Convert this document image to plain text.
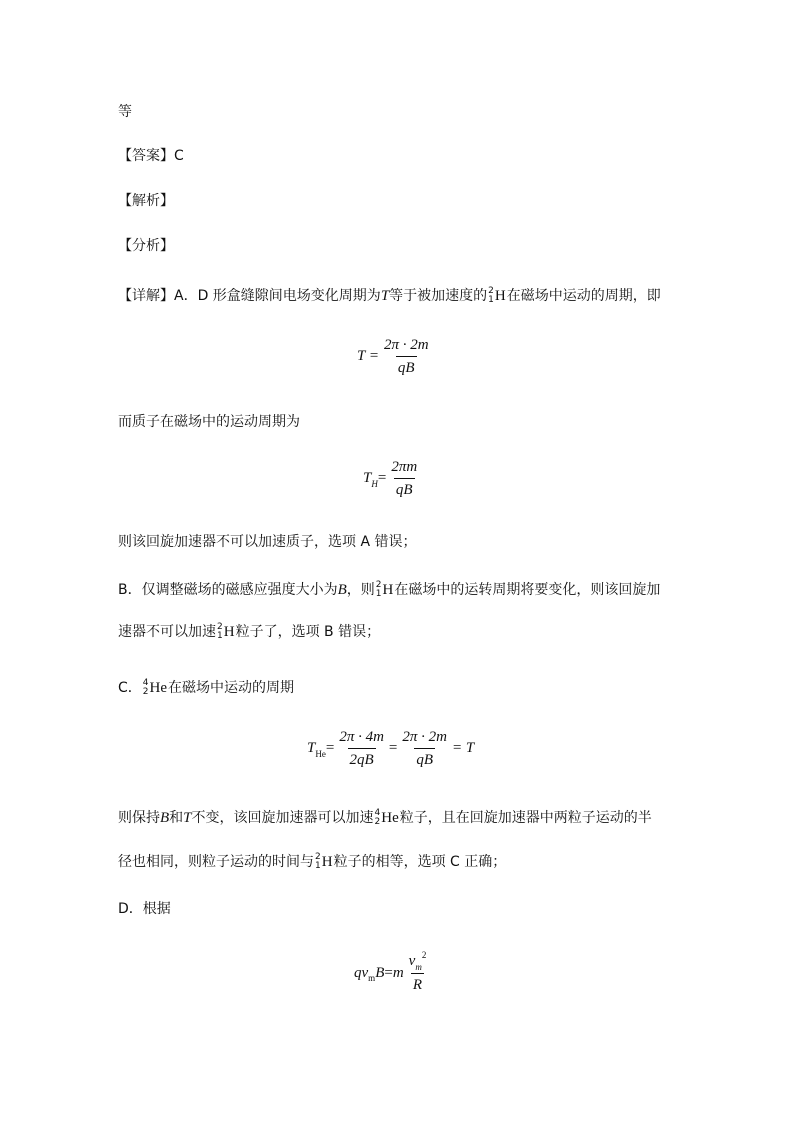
等
【答案】C
【解析】
【分析】
【详解】A．D 形盒缝隙间电场变化周期为T等于被加速度的 2
1 H在磁场中运动的周期，即
$T = \frac{2\pi \cdot 2m}{qB}$
而质子在磁场中的运动周期为
T $H = \frac{2\pi m}{qB}$
则该回旋加速器不可以加速质子，选项 A 错误；
B．仅调整磁场的磁感应强度大小为B，则 2
1 H在磁场中的运转周期将要变化，则该回旋加
速器不可以加速 2
1 H粒子了，选项 B 错误；
C． 4
2 He在磁场中运动的周期
T $He = \frac{2\pi \cdot 4m}{2qB} = \frac{2\pi \cdot 2m}{qB} = T$
则保持B和T不变，该回旋加速器可以加速 4
2 He粒子，且在回旋加速器中两粒子运动的半
径也相同，则粒子运动的时间与 2
1 H粒子的相等，选项 C 正确；
D．根据
qv m B = m $\frac{v_m^2}{R}$
